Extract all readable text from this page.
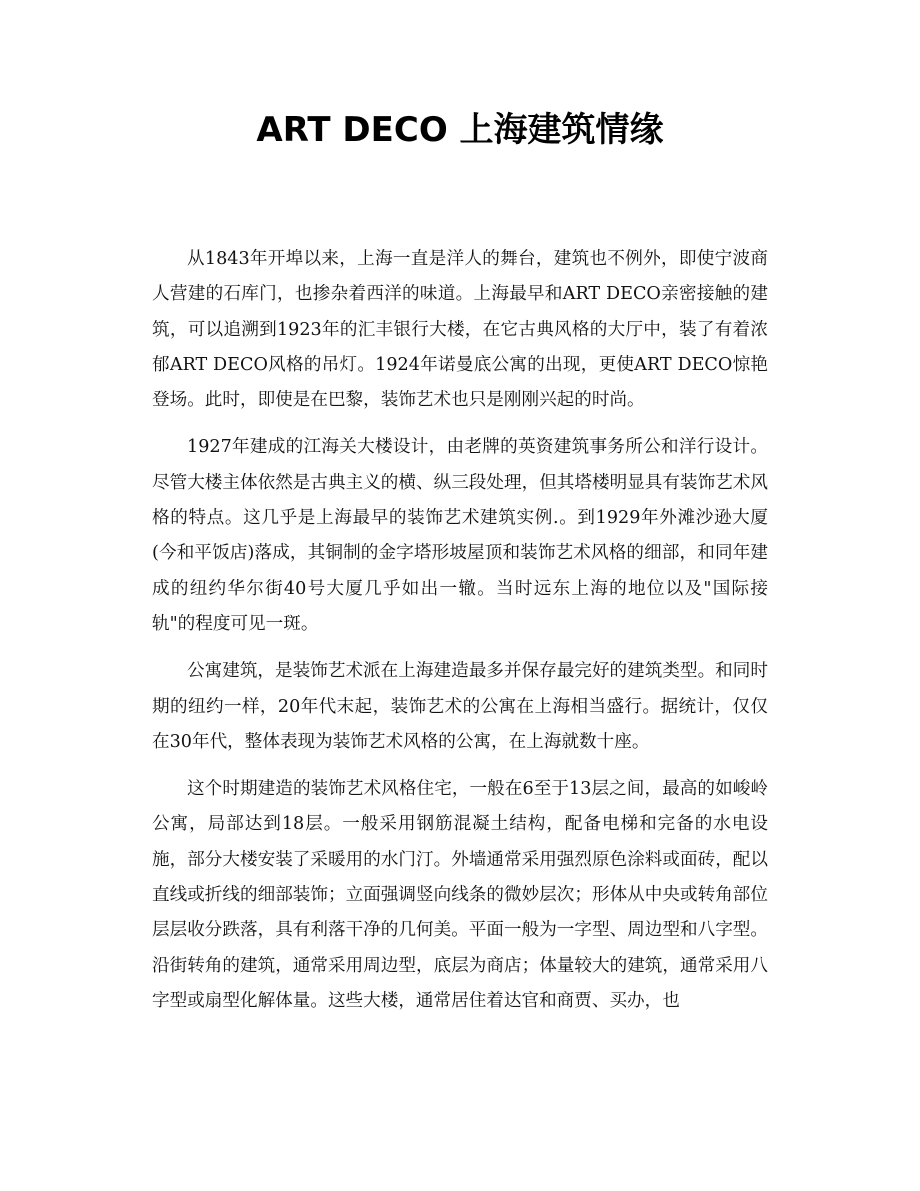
ART DECO 上海建筑情缘

从1843年开埠以来，上海一直是洋人的舞台，建筑也不例外，即使宁波商人营建的石库门，也掺杂着西洋的味道。上海最早和ART DECO亲密接触的建筑，可以追溯到1923年的汇丰银行大楼，在它古典风格的大厅中，装了有着浓郁ART DECO风格的吊灯。1924年诺曼底公寓的出现，更使ART DECO惊艳登场。此时，即使是在巴黎，装饰艺术也只是刚刚兴起的时尚。

1927年建成的江海关大楼设计，由老牌的英资建筑事务所公和洋行设计。尽管大楼主体依然是古典主义的横、纵三段处理，但其塔楼明显具有装饰艺术风格的特点。这几乎是上海最早的装饰艺术建筑实例.。到1929年外滩沙逊大厦(今和平饭店)落成，其铜制的金字塔形坡屋顶和装饰艺术风格的细部，和同年建成的纽约华尔街40号大厦几乎如出一辙。当时远东上海的地位以及"国际接轨"的程度可见一斑。

公寓建筑，是装饰艺术派在上海建造最多并保存最完好的建筑类型。和同时期的纽约一样，20年代末起，装饰艺术的公寓在上海相当盛行。据统计，仅仅在30年代，整体表现为装饰艺术风格的公寓，在上海就数十座。

这个时期建造的装饰艺术风格住宅，一般在6至于13层之间，最高的如峻岭公寓，局部达到18层。一般采用钢筋混凝土结构，配备电梯和完备的水电设施，部分大楼安装了采暖用的水门汀。外墙通常采用强烈原色涂料或面砖，配以直线或折线的细部装饰；立面强调竖向线条的微妙层次；形体从中央或转角部位层层收分跌落，具有利落干净的几何美。平面一般为一字型、周边型和八字型。沿街转角的建筑，通常采用周边型，底层为商店；体量较大的建筑，通常采用八字型或扇型化解体量。这些大楼，通常居住着达官和商贾、买办，也
